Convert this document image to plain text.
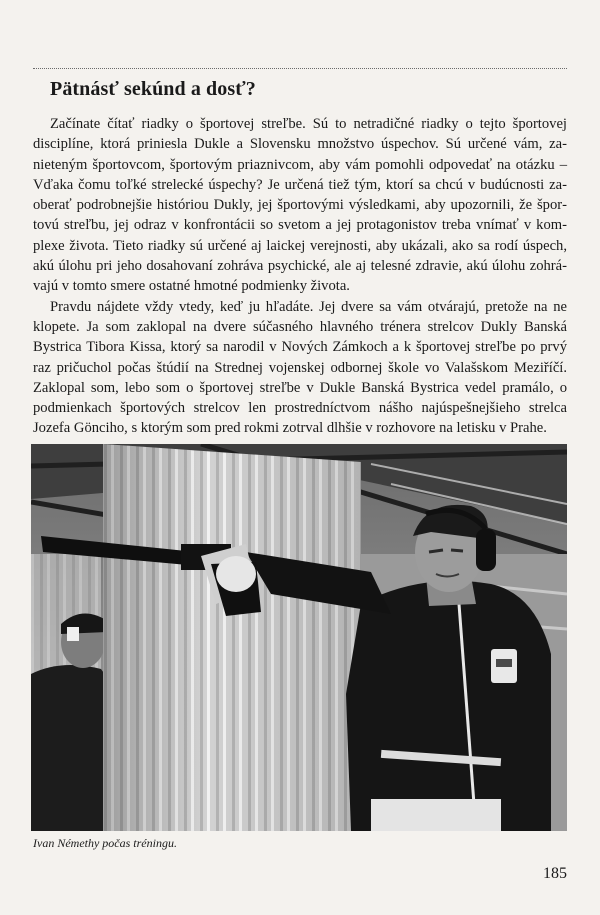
Pätnásť sekúnd a dosť?

Začínate čítať riadky o športovej streľbe. Sú to netradičné riadky o tejto športovej disciplíne, ktorá priniesla Dukle a Slovensku množstvo úspechov. Sú určené vám, zanieteným športovcom, športovým priaznivcom, aby vám pomohli odpovedať na otázku – Vďaka čomu toľké strelecké úspechy? Je určená tiež tým, ktorí sa chcú v budúcnosti zaoberať podrobnejšie históriou Dukly, jej športovými výsledkami, aby upozornili, že športovú streľbu, jej odraz v konfrontácii so svetom a jej protagonistov treba vnímať v komplexe života. Tieto riadky sú určené aj laickej verejnosti, aby ukázali, ako sa rodí úspech, akú úlohu pri jeho dosahovaní zohráva psychické, ale aj telesné zdravie, akú úlohu zohrávajú v tomto smere ostatné hmotné podmienky života.

Pravdu nájdete vždy vtedy, keď ju hľadáte. Jej dvere sa vám otvárajú, pretože na ne klopete. Ja som zaklopal na dvere súčasného hlavného trénera strelcov Dukly Banská Bystrica Tibora Kissa, ktorý sa narodil v Nových Zámkoch a k športovej streľbe po prvý raz pričuchol počas štúdií na Strednej vojenskej odbornej škole vo Valašskom Meziříčí. Zaklopal som, lebo som o športovej streľbe v Dukle Banská Bystrica vedel pramálo, o podmienkach športových strelcov len prostredníctvom nášho najúspešnejšieho strelca Jozefa Gönciho, s ktorým som pred rokmi zotrval dlhšie v rozhovore na letisku v Prahe.

Ivan Némethy počas tréningu.

185
